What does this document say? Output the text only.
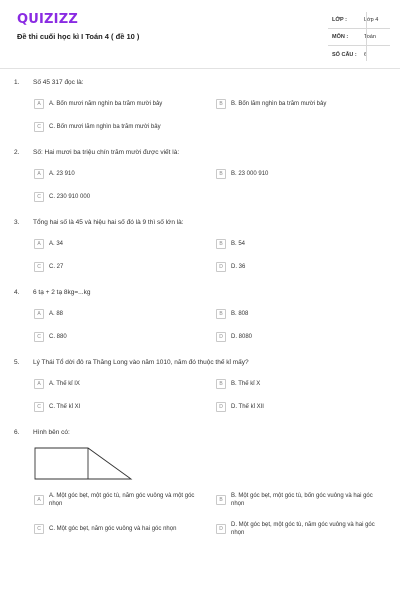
QUIZIZZ
Đề thi cuối học kì I Toán 4 ( đề 10 )
LỚP :	Lớp 4
MÔN :	Toán
SỐ CÂU : 6
1. Số 45 317 đọc là:
A	A. Bốn mươi năm nghìn ba trăm mười bảy	B	B. Bốn lăm nghìn ba trăm mười bảy
C	C. Bốn mươi lăm nghìn ba trăm mười bảy
2. Số: Hai mươi ba triệu chín trăm mười được viết là:
A	A. 23 910	B	B. 23 000 910
C	C. 230 910 000
3. Tổng hai số là 45 và hiệu hai số đó là 9 thì số lớn là:
A	A. 34	B	B. 54
C	C. 27	D	D. 36
4. 6 tạ + 2 tạ 8kg=...kg
A	A. 88	B	B. 808
C	C. 880	D	D. 8080
5. Lý Thái Tổ dời đô ra Thăng Long vào năm 1010, năm đó thuộc thế kỉ mấy?
A	A. Thế kỉ IX	B	B. Thế kỉ X
C	C. Thế kỉ XI	D	D. Thế kỉ XII
6. Hình bên có:
A
A. Một góc bẹt, một góc tù, năm góc vuông và một góc nhọn
B
B. Một góc bẹt, một góc tù, bốn góc vuông và hai góc nhọn
C	C. Một góc bẹt, năm góc vuông và hai góc nhọn	D
D. Một góc bẹt, một góc tù, năm góc vuông và hai góc nhọn
